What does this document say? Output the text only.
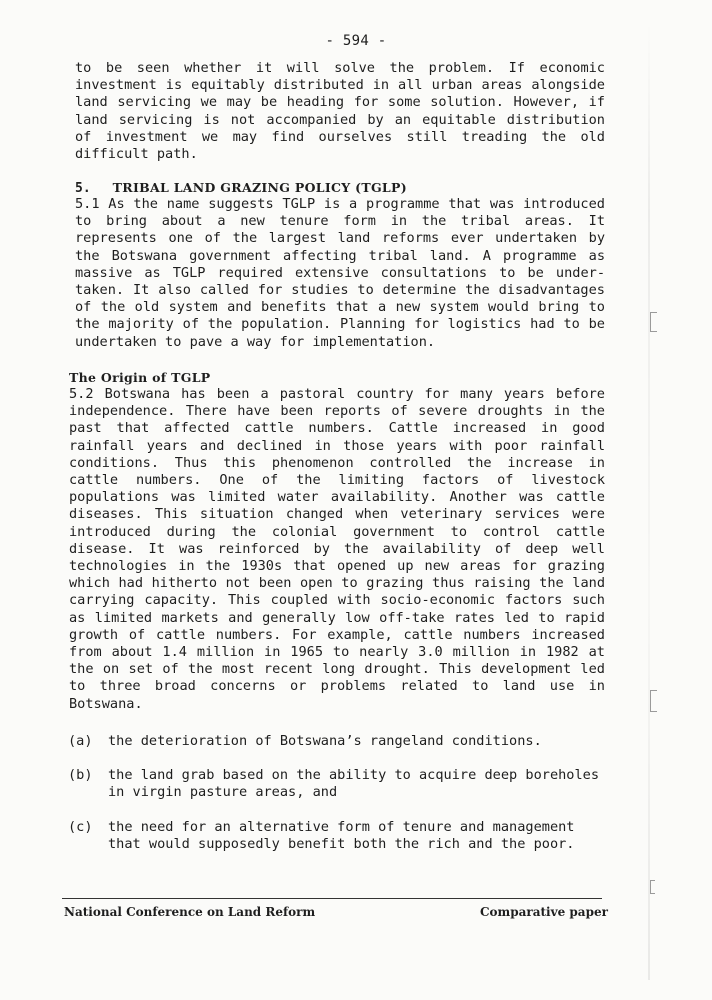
- 594 -

to be seen whether it will solve the problem. If economic investment is equitably distributed in all urban areas alongside land servicing we may be heading for some solution. However, if land servicing is not accompanied by an equitable distribution of investment we may find ourselves still treading the old difficult path.

5. TRIBAL LAND GRAZING POLICY (TGLP)

5.1 As the name suggests TGLP is a programme that was introduced to bring about a new tenure form in the tribal areas. It represents one of the largest land reforms ever undertaken by the Botswana government affecting tribal land. A programme as massive as TGLP required extensive consultations to be under-taken. It also called for studies to determine the disadvantages of the old system and benefits that a new system would bring to the majority of the population. Planning for logistics had to be undertaken to pave a way for implementation.

The Origin of TGLP

5.2 Botswana has been a pastoral country for many years before independence. There have been reports of severe droughts in the past that affected cattle numbers. Cattle increased in good rainfall years and declined in those years with poor rainfall conditions. Thus this phenomenon controlled the increase in cattle numbers. One of the limiting factors of livestock populations was limited water availability. Another was cattle diseases. This situation changed when veterinary services were introduced during the colonial government to control cattle disease. It was reinforced by the availability of deep well technologies in the 1930s that opened up new areas for grazing which had hitherto not been open to grazing thus raising the land carrying capacity. This coupled with socio-economic factors such as limited markets and generally low off-take rates led to rapid growth of cattle numbers. For example, cattle numbers increased from about 1.4 million in 1965 to nearly 3.0 million in 1982 at the on set of the most recent long drought. This development led to three broad concerns or problems related to land use in Botswana.

(a)	the deterioration of Botswana’s rangeland conditions.
(b)	the land grab based on the ability to acquire deep boreholes in virgin pasture areas, and
(c)	the need for an alternative form of tenure and management that would supposedly benefit both the rich and the poor.
National Conference on Land Reform	Comparative paper
